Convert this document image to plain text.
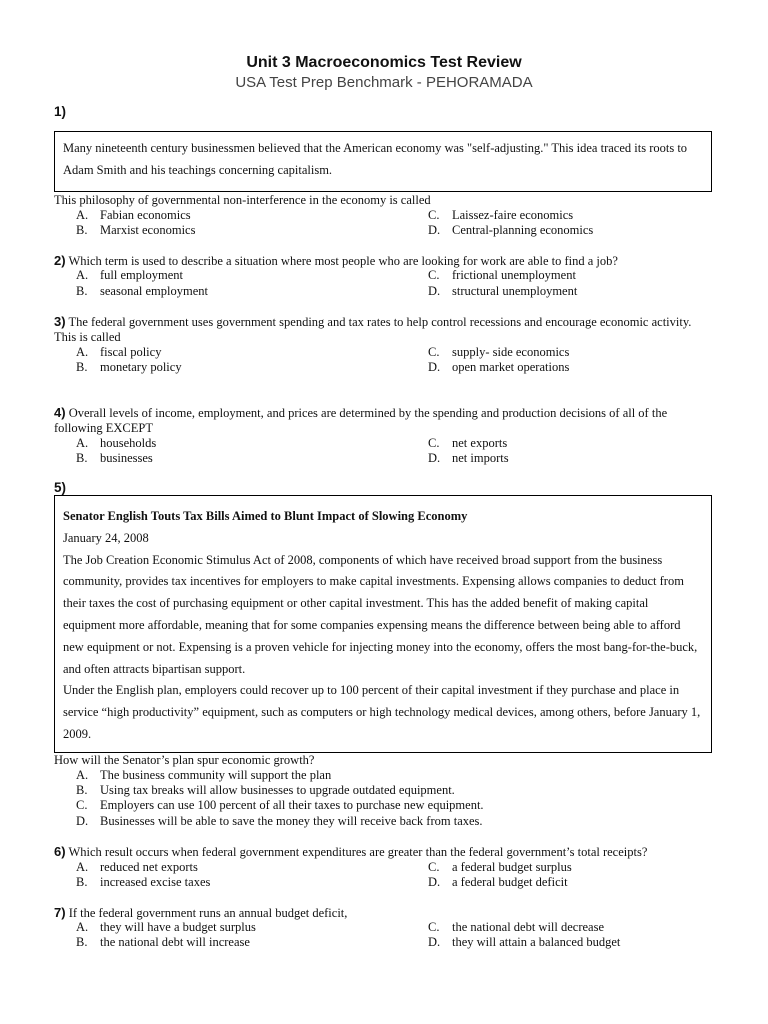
Unit 3 Macroeconomics Test Review
USA Test Prep Benchmark - PEHORAMADA
1)

Many nineteenth century businessmen believed that the American economy was "self-adjusting." This idea traced its roots to Adam Smith and his teachings concerning capitalism.

This philosophy of governmental non-interference in the economy is called
A. Fabian economics
B. Marxist economics
C. Laissez-faire economics
D. Central-planning economics
2) Which term is used to describe a situation where most people who are looking for work are able to find a job?
A. full employment
B. seasonal employment
C. frictional unemployment
D. structural unemployment
3) The federal government uses government spending and tax rates to help control recessions and encourage economic activity. This is called
A. fiscal policy
B. monetary policy
C. supply- side economics
D. open market operations
4) Overall levels of income, employment, and prices are determined by the spending and production decisions of all of the following EXCEPT
A. households
B. businesses
C. net exports
D. net imports
5)

Senator English Touts Tax Bills Aimed to Blunt Impact of Slowing Economy

January 24, 2008

The Job Creation Economic Stimulus Act of 2008, components of which have received broad support from the business community, provides tax incentives for employers to make capital investments. Expensing allows companies to deduct from their taxes the cost of purchasing equipment or other capital investment. This has the added benefit of making capital equipment more affordable, meaning that for some companies expensing means the difference between being able to afford new equipment or not. Expensing is a proven vehicle for injecting money into the economy, offers the most bang-for-the-buck, and often attracts bipartisan support.

Under the English plan, employers could recover up to 100 percent of their capital investment if they purchase and place in service “high productivity” equipment, such as computers or high technology medical devices, among others, before January 1, 2009.

How will the Senator’s plan spur economic growth?
A. The business community will support the plan
B. Using tax breaks will allow businesses to upgrade outdated equipment.
C. Employers can use 100 percent of all their taxes to purchase new equipment.
D. Businesses will be able to save the money they will receive back from taxes.
6) Which result occurs when federal government expenditures are greater than the federal government’s total receipts?
A. reduced net exports
B. increased excise taxes
C. a federal budget surplus
D. a federal budget deficit
7) If the federal government runs an annual budget deficit,
A. they will have a budget surplus
B. the national debt will increase
C. the national debt will decrease
D. they will attain a balanced budget
